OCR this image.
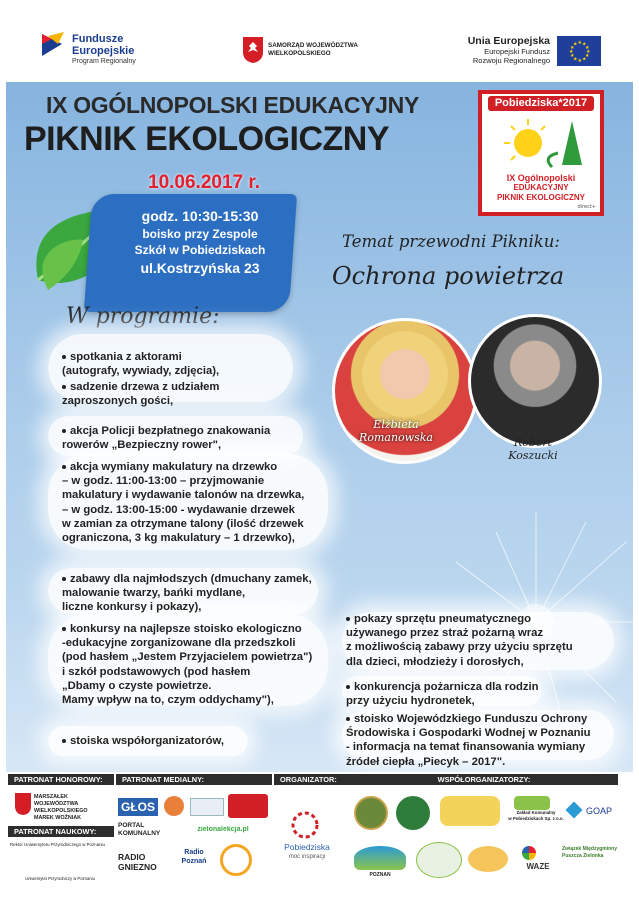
Fundusze
Europejskie
Program Regionalny
SAMORZĄD WOJEWÓDZTWA
WIELKOPOLSKIEGO
Unia Europejska
Europejski Fundusz
Rozwoju Regionalnego
★ ★
★
★
★
★
★
★
★
★
★
★
IX OGÓLNOPOLSKI EDUKACYJNY
PIKNIK EKOLOGICZNY
Pobiedziska*2017
IX Ogólnopolski
EDUKACYJNY
PIKNIK EKOLOGICZNY
direct+
10.06.2017 r.
godz. 10:30-15:30
boisko przy Zespole
Szkół w Pobiedziskach
ul.Kostrzyńska 23
Temat przewodni Pikniku:
Ochrona powietrza
W programie:
Elżbieta
Romanowska	Robert
Koszucki
spotkania z aktorami
(autografy, wywiady, zdjęcia),
sadzenie drzewa z udziałem
zaproszonych gości,
akcja Policji bezpłatnego znakowania
rowerów „Bezpieczny rower",
akcja wymiany makulatury na drzewko
– w godz. 11:00-13:00 – przyjmowanie
makulatury i wydawanie talonów na drzewka,
– w godz. 13:00-15:00 - wydawanie drzewek
w zamian za otrzymane talony (ilość drzewek
ograniczona, 3 kg makulatury – 1 drzewko),
zabawy dla najmłodszych (dmuchany zamek,
malowanie twarzy, bańki mydlane,
liczne konkursy i pokazy),
konkursy na najlepsze stoisko ekologiczno
-edukacyjne zorganizowane dla przedszkoli
(pod hasłem „Jestem Przyjacielem powietrza")
i szkół podstawowych (pod hasłem
„Dbamy o czyste powietrze.
Mamy wpływ na to, czym oddychamy"),
stoiska współorganizatorów,
pokazy sprzętu pneumatycznego
używanego przez straż pożarną wraz
z możliwością zabawy przy użyciu sprzętu
dla dzieci, młodzieży i dorosłych,
konkurencja pożarnicza dla rodzin
przy użyciu hydronetek,
stoisko Wojewódzkiego Funduszu Ochrony
Środowiska i Gospodarki Wodnej w Poznaniu
- informacja na temat finansowania wymiany
źródeł ciepła „Piecyk – 2017".
PATRONAT HONOROWY:	PATRONAT MEDIALNY:	ORGANIZATOR:	WSPÓŁORGANIZATORZY:
PATRONAT NAUKOWY:
MARSZAŁEK WOJEWÓDZTWA
WIELKOPOLSKIEGO
MAREK WOŹNIAK
Rektor Uniwersytetu Przyrodniczego w Poznaniu
Uniwersytet Przyrodniczy w Poznaniu
GŁOS
PORTAL
KOMUNALNY
RADIO
GNIEZNO
Radio
Poznań
zielonalekcja.pl
Pobiedziska
moc inspiracji
Zakład Komunalny
w Pobiedziskach Sp. z o.o.
GOAP
POZNAŃ
WAZE
Związek Międzygminny
Puszcza Zielonka
